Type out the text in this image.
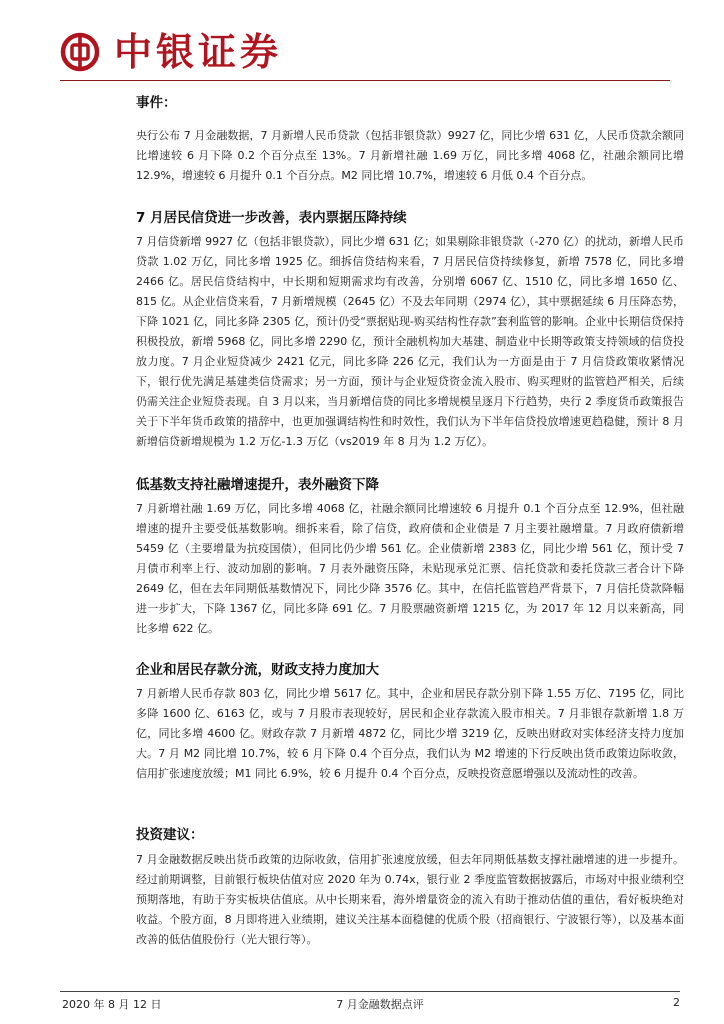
中银证券

事件：

央行公布 7 月金融数据，7 月新增人民币贷款（包括非银贷款）9927 亿，同比少增 631 亿，人民币贷款余额同比增速较 6 月下降 0.2 个百分点至 13%。7 月新增社融 1.69 万亿，同比多增 4068 亿，社融余额同比增 12.9%，增速较 6 月提升 0.1 个百分点。M2 同比增 10.7%，增速较 6 月低 0.4 个百分点。

7 月居民信贷进一步改善，表内票据压降持续

7 月信贷新增 9927 亿（包括非银贷款），同比少增 631 亿；如果剔除非银贷款（-270 亿）的扰动，新增人民币贷款 1.02 万亿，同比多增 1925 亿。细拆信贷结构来看，7 月居民信贷持续修复，新增 7578 亿，同比多增 2466 亿。居民信贷结构中，中长期和短期需求均有改善，分别增 6067 亿、1510 亿，同比多增 1650 亿、815 亿。从企业信贷来看，7 月新增规模（2645 亿）不及去年同期（2974 亿），其中票据延续 6 月压降态势，下降 1021 亿，同比多降 2305 亿，预计仍受“票据贴现-购买结构性存款”套利监管的影响。企业中长期信贷保持积极投放，新增 5968 亿，同比多增 2290 亿，预计全融机构加大基建、制造业中长期等政策支持领域的信贷投放力度。7 月企业短贷减少 2421 亿元，同比多降 226 亿元，我们认为一方面是由于 7 月信贷政策收紧情况下，银行优先满足基建类信贷需求；另一方面，预计与企业短贷资金流入股市、购买理财的监管趋严相关，后续仍需关注企业短贷表现。自 3 月以来，当月新增信贷的同比多增规模呈逐月下行趋势，央行 2 季度货币政策报告关于下半年货币政策的措辞中，也更加强调结构性和时效性，我们认为下半年信贷投放增速更趋稳健，预计 8 月新增信贷新增规模为 1.2 万亿-1.3 万亿（vs2019 年 8 月为 1.2 万亿）。

低基数支持社融增速提升，表外融资下降

7 月新增社融 1.69 万亿，同比多增 4068 亿，社融余额同比增速较 6 月提升 0.1 个百分点至 12.9%，但社融增速的提升主要受低基数影响。细拆来看，除了信贷，政府债和企业债是 7 月主要社融增量。7 月政府债新增 5459 亿（主要增量为抗疫国债），但同比仍少增 561 亿。企业债新增 2383 亿，同比少增 561 亿，预计受 7 月债市利率上行、波动加剧的影响。7 月表外融资压降，未贴现承兑汇票、信托贷款和委托贷款三者合计下降 2649 亿，但在去年同期低基数情况下，同比少降 3576 亿。其中，在信托监管趋严背景下，7 月信托贷款降幅进一步扩大，下降 1367 亿，同比多降 691 亿。7 月股票融资新增 1215 亿，为 2017 年 12 月以来新高，同比多增 622 亿。

企业和居民存款分流，财政支持力度加大

7 月新增人民币存款 803 亿，同比少增 5617 亿。其中，企业和居民存款分别下降 1.55 万亿、7195 亿，同比多降 1600 亿、6163 亿，或与 7 月股市表现较好，居民和企业存款流入股市相关。7 月非银存款新增 1.8 万亿，同比多增 4600 亿。财政存款 7 月新增 4872 亿，同比少增 3219 亿，反映出财政对实体经济支持力度加大。7 月 M2 同比增 10.7%，较 6 月下降 0.4 个百分点，我们认为 M2 增速的下行反映出货币政策边际收敛，信用扩张速度放缓；M1 同比 6.9%，较 6 月提升 0.4 个百分点，反映投资意愿增强以及流动性的改善。

投资建议：

7 月金融数据反映出货币政策的边际收敛，信用扩张速度放缓，但去年同期低基数支撑社融增速的进一步提升。经过前期调整，目前银行板块估值对应 2020 年为 0.74x，银行业 2 季度监管数据披露后，市场对中报业绩利空预期落地，有助于夯实板块估值底。从中长期来看，海外增量资金的流入有助于推动估值的重估，看好板块绝对收益。个股方面，8 月即将进入业绩期，建议关注基本面稳健的优质个股（招商银行、宁波银行等），以及基本面改善的低估值股份行（光大银行等）。

2020 年 8 月 12 日	7 月金融数据点评	2
